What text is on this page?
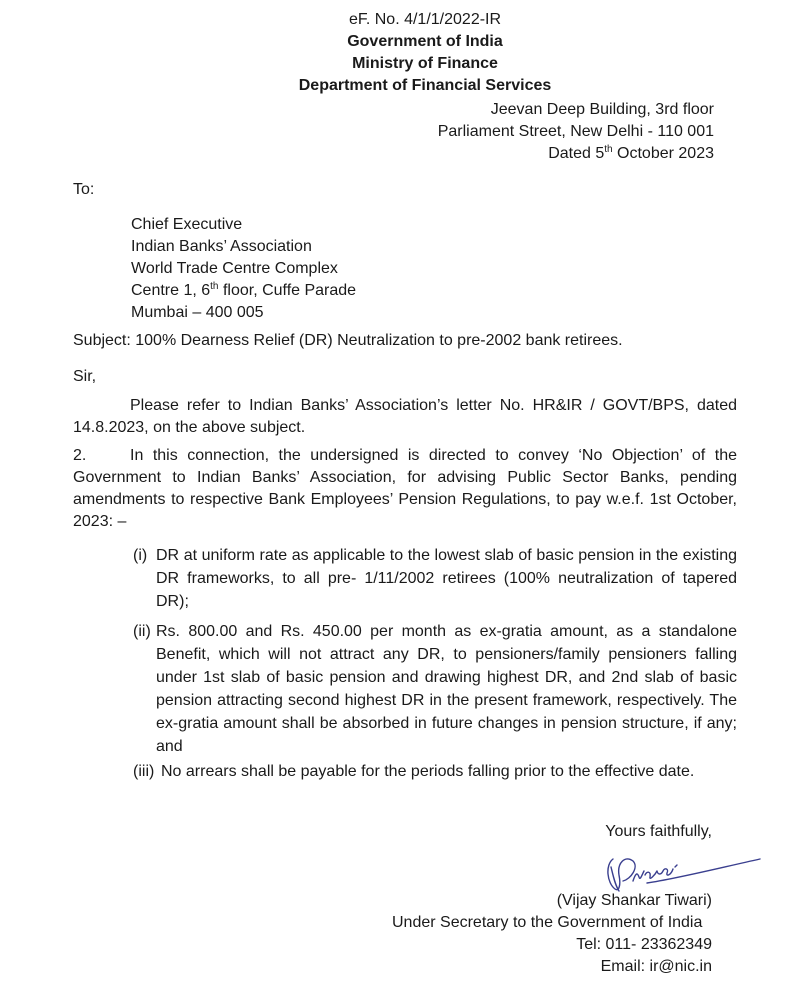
eF. No. 4/1/1/2022-IR
Government of India
Ministry of Finance
Department of Financial Services
Jeevan Deep Building, 3rd floor
Parliament Street, New Delhi - 110 001
Dated 5th October 2023
To:
Chief Executive
Indian Banks’ Association
World Trade Centre Complex
Centre 1, 6th floor, Cuffe Parade
Mumbai – 400 005
Subject: 100% Dearness Relief (DR) Neutralization to pre-2002 bank retirees.
Sir,
Please refer to Indian Banks’ Association’s letter No. HR&IR / GOVT/BPS, dated 14.8.2023, on the above subject.
2.	In this connection, the undersigned is directed to convey ‘No Objection’ of the Government to Indian Banks’ Association, for advising Public Sector Banks, pending amendments to respective Bank Employees’ Pension Regulations, to pay w.e.f. 1st October, 2023: –
(i) DR at uniform rate as applicable to the lowest slab of basic pension in the existing DR frameworks, to all pre- 1/11/2002 retirees (100% neutralization of tapered DR);
(ii) Rs. 800.00 and Rs. 450.00 per month as ex-gratia amount, as a standalone Benefit, which will not attract any DR, to pensioners/family pensioners falling under 1st slab of basic pension and drawing highest DR, and 2nd slab of basic pension attracting second highest DR in the present framework, respectively. The ex-gratia amount shall be absorbed in future changes in pension structure, if any; and
(iii) No arrears shall be payable for the periods falling prior to the effective date.
Yours faithfully,
(Vijay Shankar Tiwari)
Under Secretary to the Government of India
Tel: 011- 23362349
Email: ir@nic.in
